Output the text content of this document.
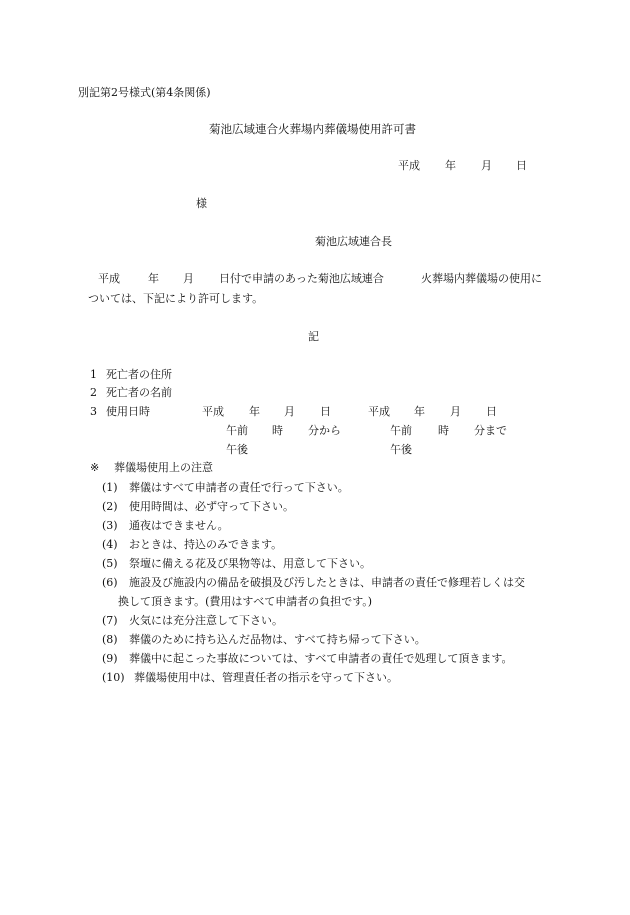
別記第2号様式(第4条関係)
菊池広域連合火葬場内葬儀場使用許可書
平成 年 月 日
様
菊池広域連合長
平成	年 月 日付で申請のあった菊池広域連合	火葬場内葬儀場の使用に
ついては、下記により許可します。
記
1 死亡者の住所
2 死亡者の名前
3 使用日時	平成 年 月 日	平成 年 月 日
午前 時 分から	午前 時 分まで
午後	午後
※ 葬儀場使用上の注意
(1) 葬儀はすべて申請者の責任で行って下さい。
(2) 使用時間は、必ず守って下さい。
(3) 通夜はできません。
(4) おときは、持込のみできます。
(5) 祭壇に備える花及び果物等は、用意して下さい。
(6) 施設及び施設内の備品を破損及び汚したときは、申請者の責任で修理若しくは交
換して頂きます。(費用はすべて申請者の負担です。)
(7) 火気には充分注意して下さい。
(8) 葬儀のために持ち込んだ品物は、すべて持ち帰って下さい。
(9) 葬儀中に起こった事故については、すべて申請者の責任で処理して頂きます。
(10) 葬儀場使用中は、管理責任者の指示を守って下さい。
